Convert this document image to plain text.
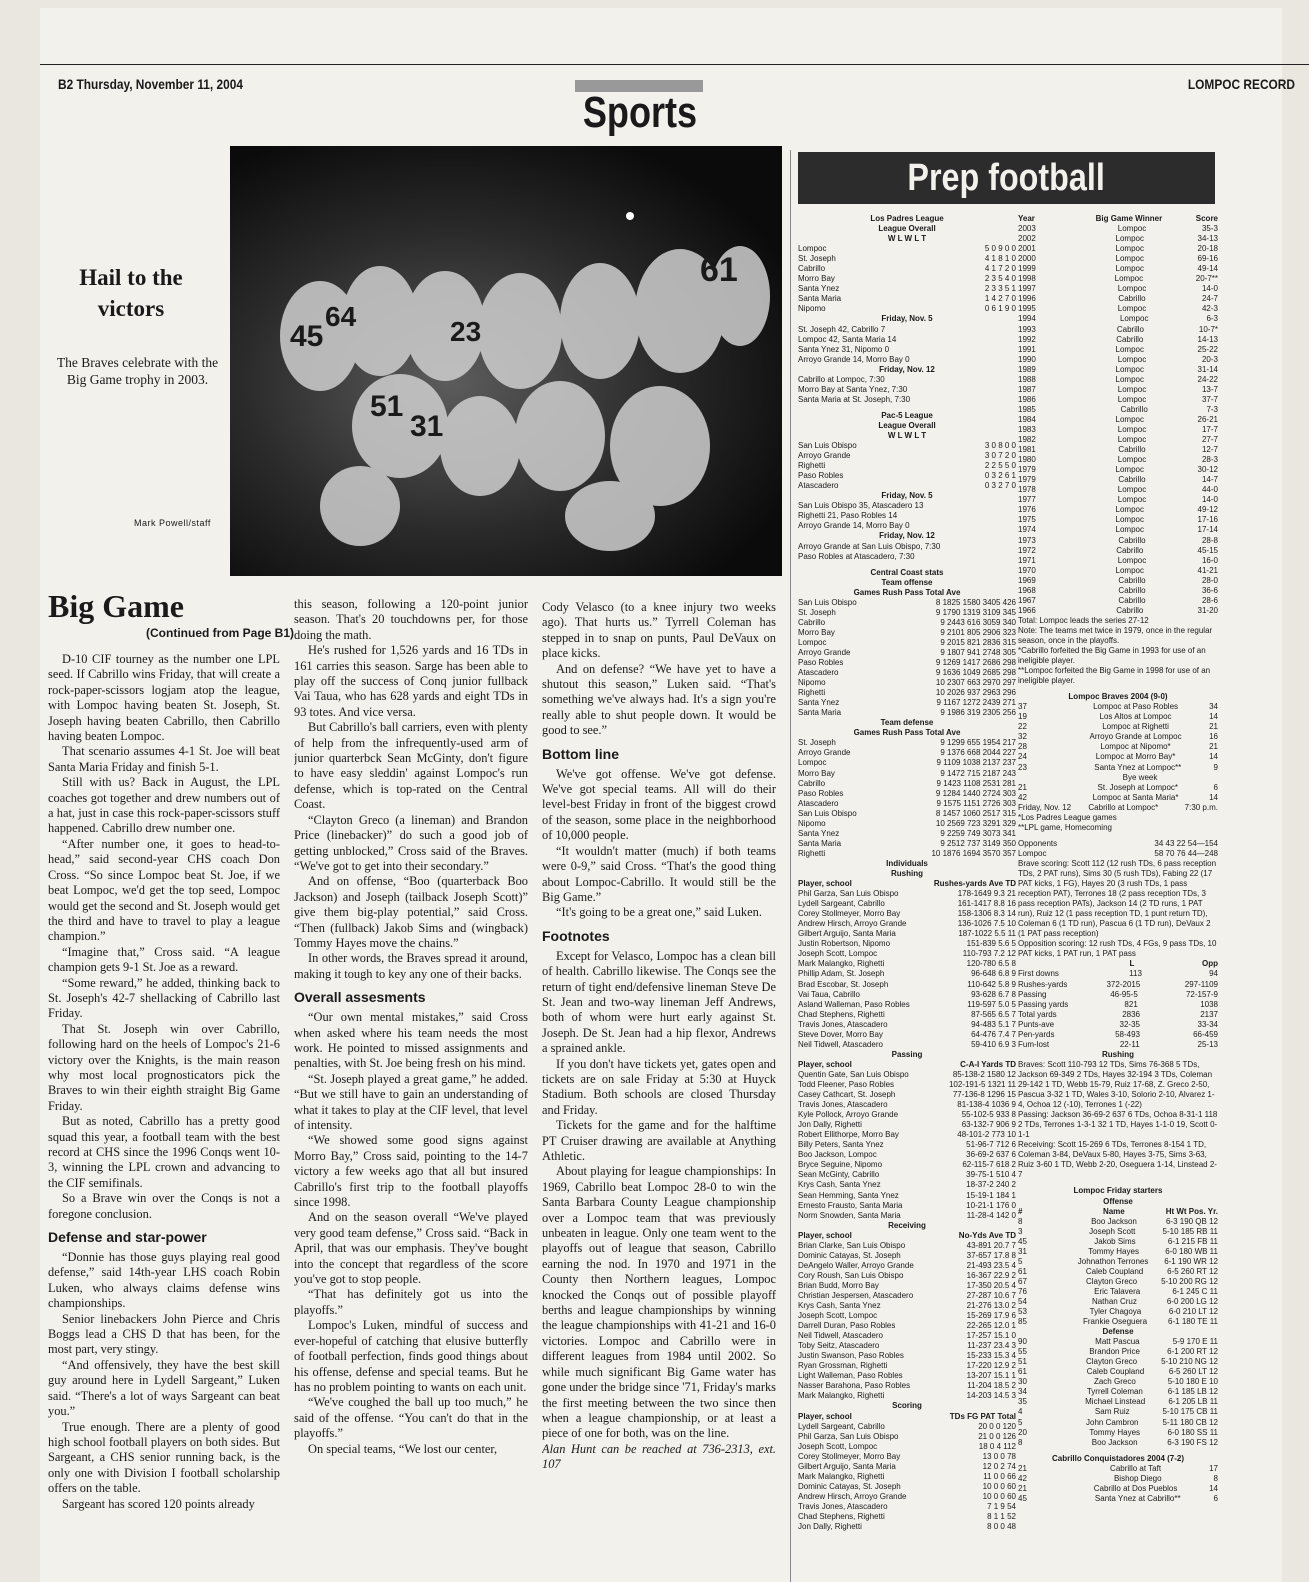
B2 Thursday, November 11, 2004
Sports
LOMPOC RECORD
45
64	23
61
51
31
Hail to the victors
The Braves celebrate with the Big Game trophy in 2003.
Mark Powell/staff
Big Game
(Continued from Page B1)

D-10 CIF tourney as the number one LPL seed. If Cabrillo wins Friday, that will create a rock-paper-scissors logjam atop the league, with Lompoc having beaten St. Joseph, St. Joseph having beaten Cabrillo, then Cabrillo having beaten Lompoc.

That scenario assumes 4-1 St. Joe will beat Santa Maria Friday and finish 5-1.

Still with us? Back in August, the LPL coaches got together and drew numbers out of a hat, just in case this rock-paper-scissors stuff happened. Cabrillo drew number one.

“After number one, it goes to head-to-head,” said second-year CHS coach Don Cross. “So since Lompoc beat St. Joe, if we beat Lompoc, we'd get the top seed, Lompoc would get the second and St. Joseph would get the third and have to travel to play a league champion.”

“Imagine that,” Cross said. “A league champion gets 9-1 St. Joe as a reward.

“Some reward,” he added, thinking back to St. Joseph's 42-7 shellacking of Cabrillo last Friday.

That St. Joseph win over Cabrillo, following hard on the heels of Lompoc's 21-6 victory over the Knights, is the main reason why most local prognosticators pick the Braves to win their eighth straight Big Game Friday.

But as noted, Cabrillo has a pretty good squad this year, a football team with the best record at CHS since the 1996 Conqs went 10-3, winning the LPL crown and advancing to the CIF semifinals.

So a Brave win over the Conqs is not a foregone conclusion.

Defense and star-power

“Donnie has those guys playing real good defense,” said 14th-year LHS coach Robin Luken, who always claims defense wins championships.

Senior linebackers John Pierce and Chris Boggs lead a CHS D that has been, for the most part, very stingy.

“And offensively, they have the best skill guy around here in Lydell Sargeant,” Luken said. “There's a lot of ways Sargeant can beat you.”

True enough. There are a plenty of good high school football players on both sides. But Sargeant, a CHS senior running back, is the only one with Division I football scholarship offers on the table.

Sargeant has scored 120 points already

this season, following a 120-point junior season. That's 20 touchdowns per, for those doing the math.

He's rushed for 1,526 yards and 16 TDs in 161 carries this season. Sarge has been able to play off the success of Conq junior fullback Vai Taua, who has 628 yards and eight TDs in 93 totes. And vice versa.

But Cabrillo's ball carriers, even with plenty of help from the infrequently-used arm of junior quarterbck Sean McGinty, don't figure to have easy sleddin' against Lompoc's run defense, which is top-rated on the Central Coast.

“Clayton Greco (a lineman) and Brandon Price (linebacker)” do such a good job of getting unblocked,” Cross said of the Braves. “We've got to get into their secondary.”

And on offense, “Boo (quarterback Boo Jackson) and Joseph (tailback Joseph Scott)” give them big-play potential,” said Cross. “Then (fullback) Jakob Sims and (wingback) Tommy Hayes move the chains.”

In other words, the Braves spread it around, making it tough to key any one of their backs.

Overall assesments

“Our own mental mistakes,” said Cross when asked where his team needs the most work. He pointed to missed assignments and penalties, with St. Joe being fresh on his mind.

“St. Joseph played a great game,” he added. “But we still have to gain an understanding of what it takes to play at the CIF level, that level of intensity.

“We showed some good signs against Morro Bay,” Cross said, pointing to the 14-7 victory a few weeks ago that all but insured Cabrillo's first trip to the football playoffs since 1998.

And on the season overall “We've played very good team defense,” Cross said. “Back in April, that was our emphasis. They've bought into the concept that regardless of the score you've got to stop people.

“That has definitely got us into the playoffs.”

Lompoc's Luken, mindful of success and ever-hopeful of catching that elusive butterfly of football perfection, finds good things about his offense, defense and special teams. But he has no problem pointing to wants on each unit.

“We've coughed the ball up too much,” he said of the offense. “You can't do that in the playoffs.”

On special teams, “We lost our center,

Cody Velasco (to a knee injury two weeks ago). That hurts us.” Tyrrell Coleman has stepped in to snap on punts, Paul DeVaux on place kicks.

And on defense? “We have yet to have a shutout this season,” Luken said. “That's something we've always had. It's a sign you're really able to shut people down. It would be good to see.”

Bottom line

We've got offense. We've got defense. We've got special teams. All will do their level-best Friday in front of the biggest crowd of the season, some place in the neighborhood of 10,000 people.

“It wouldn't matter (much) if both teams were 0-9,” said Cross. “That's the good thing about Lompoc-Cabrillo. It would still be the Big Game.”

“It's going to be a great one,” said Luken.

Footnotes

Except for Velasco, Lompoc has a clean bill of health. Cabrillo likewise. The Conqs see the return of tight end/defensive lineman Steve De St. Jean and two-way lineman Jeff Andrews, both of whom were hurt early against St. Joseph. De St. Jean had a hip flexor, Andrews a sprained ankle.

If you don't have tickets yet, gates open and tickets are on sale Friday at 5:30 at Huyck Stadium. Both schools are closed Thursday and Friday.

Tickets for the game and for the halftime PT Cruiser drawing are available at Anything Athletic.

About playing for league championships: In 1969, Cabrillo beat Lompoc 28-0 to win the Santa Barbara County League championship over a Lompoc team that was previously unbeaten in league. Only one team went to the playoffs out of league that season, Cabrillo earning the nod. In 1970 and 1971 in the County then Northern leagues, Lompoc knocked the Conqs out of possible playoff berths and league championships by winning the league championships with 41-21 and 16-0 victories. Lompoc and Cabrillo were in different leagues from 1984 until 2002. So while much significant Big Game water has gone under the bridge since '71, Friday's marks the first meeting between the two since then when a league championship, or at least a piece of one for both, was on the line.

Alan Hunt can be reached at 736-2313, ext. 107

Prep football
Los Padres League
League Overall
W L W L T
Lompoc	5 0 9 0 0
St. Joseph	4 1 8 1 0
Cabrillo	4 1 7 2 0
Morro Bay	2 3 5 4 0
Santa Ynez	2 3 3 5 1
Santa Maria	1 4 2 7 0
Nipomo	0 6 1 9 0
Friday, Nov. 5
St. Joseph 42, Cabrillo 7
Lompoc 42, Santa Maria 14
Santa Ynez 31, Nipomo 0
Arroyo Grande 14, Morro Bay 0
Friday, Nov. 12
Cabrillo at Lompoc, 7:30
Morro Bay at Santa Ynez, 7:30
Santa Maria at St. Joseph, 7:30
Pac-5 League
League Overall
W L W L T
San Luis Obispo	3 0 8 0 0
Arroyo Grande	3 0 7 2 0
Righetti	2 2 5 5 0
Paso Robles	0 3 2 6 1
Atascadero	0 3 2 7 0
Friday, Nov. 5
San Luis Obispo 35, Atascadero 13
Righetti 21, Paso Robles 14
Arroyo Grande 14, Morro Bay 0
Friday, Nov. 12
Arroyo Grande at San Luis Obispo, 7:30
Paso Robles at Atascadero, 7:30
Central Coast stats
Team offense
Games Rush Pass Total Ave
San Luis Obispo	8 1825 1580 3405 426
St. Joseph	9 1790 1319 3109 345
Cabrillo	9 2443 616 3059 340
Morro Bay	9 2101 805 2906 323
Lompoc	9 2015 821 2836 315
Arroyo Grande	9 1807 941 2748 305
Paso Robles	9 1269 1417 2686 298
Atascadero	9 1636 1049 2685 298
Nipomo	10 2307 663 2970 297
Righetti	10 2026 937 2963 296
Santa Ynez	9 1167 1272 2439 271
Santa Maria	9 1986 319 2305 256
Team defense
Games Rush Pass Total Ave
St. Joseph	9 1299 655 1954 217
Arroyo Grande	9 1376 668 2044 227
Lompoc	9 1109 1038 2137 237
Morro Bay	9 1472 715 2187 243
Cabrillo	9 1423 1108 2531 281
Paso Robles	9 1284 1440 2724 303
Atascadero	9 1575 1151 2726 303
San Luis Obispo	8 1457 1060 2517 315
Nipomo	10 2569 723 3291 329
Santa Ynez	9 2259 749 3073 341
Santa Maria	9 2512 737 3149 350
Righetti	10 1876 1694 3570 357
Individuals
Rushing
Player, school	Rushes-yards Ave TD
Phil Garza, San Luis Obispo	178-1649 9.3 21
Lydell Sargeant, Cabrillo	161-1417 8.8 16
Corey Stollmeyer, Morro Bay	158-1306 8.3 14
Andrew Hirsch, Arroyo Grande	136-1026 7.5 10
Gilbert Arguijo, Santa Maria	187-1022 5.5 11
Justin Robertson, Nipomo	151-839 5.6 5
Joseph Scott, Lompoc	110-793 7.2 12
Mark Malangko, Righetti	120-780 6.5 8
Phillip Adam, St. Joseph	96-648 6.8 9
Brad Escobar, St. Joseph	110-642 5.8 9
Vai Taua, Cabrillo	93-628 6.7 8
Asland Walleman, Paso Robles	119-597 5.0 5
Chad Stephens, Righetti	87-565 6.5 7
Travis Jones, Atascadero	94-483 5.1 7
Steve Dover, Morro Bay	64-476 7.4 7
Neil Tidwell, Atascadero	59-410 6.9 3
Passing
Player, school	C-A-I Yards TD
Quentin Gate, San Luis Obispo	85-138-2 1580 12
Todd Fleener, Paso Robles	102-191-5 1321 11
Casey Cathcart, St. Joseph	77-136-8 1296 15
Travis Jones, Atascadero	81-138-4 1036 9
Kyle Pollock, Arroyo Grande	55-102-5 933 8
Jon Dally, Righetti	63-132-7 906 9
Robert Ellithorpe, Morro Bay	48-101-2 773 10
Billy Peters, Santa Ynez	51-96-7 712 6
Boo Jackson, Lompoc	36-69-2 637 6
Bryce Seguine, Nipomo	62-115-7 618 2
Sean McGinty, Cabrillo	39-75-1 510 4
Krys Cash, Santa Ynez	18-37-2 240 2
Sean Hemming, Santa Ynez	15-19-1 184 1
Ernesto Frausto, Santa Maria	10-21-1 176 0
Norm Snowden, Santa Maria	11-28-4 142 0
Receiving
Player, school	No-Yds Ave TD
Brian Clarke, San Luis Obispo	43-891 20.7 7
Dominic Catayas, St. Joseph	37-657 17.8 8
DeAngelo Waller, Arroyo Grande	21-493 23.5 4
Cory Roush, San Luis Obispo	16-367 22.9 2
Brian Budd, Morro Bay	17-350 20.5 4
Christian Jespersen, Atascadero	27-287 10.6 7
Krys Cash, Santa Ynez	21-276 13.0 2
Joseph Scott, Lompoc	15-269 17.9 6
Darrell Duran, Paso Robles	22-265 12.0 1
Neil Tidwell, Atascadero	17-257 15.1 0
Toby Seitz, Atascadero	11-237 23.4 3
Justin Swanson, Paso Robles	15-233 15.3 4
Ryan Grossman, Righetti	17-220 12.9 2
Light Walleman, Paso Robles	13-207 15.1 1
Nasser Barahona, Paso Robles	11-204 18.5 2
Mark Malangko, Righetti	14-203 14.5 3
Scoring
Player, school	TDs FG PAT Total
Lydell Sargeant, Cabrillo	20 0 0 120
Phil Garza, San Luis Obispo	21 0 0 126
Joseph Scott, Lompoc	18 0 4 112
Corey Stollmeyer, Morro Bay	13 0 0 78
Gilbert Arguijo, Santa Maria	12 0 2 74
Mark Malangko, Righetti	11 0 0 66
Dominic Catayas, St. Joseph	10 0 0 60
Andrew Hirsch, Arroyo Grande	10 0 0 60
Travis Jones, Atascadero	7 1 9 54
Chad Stephens, Righetti	8 1 1 52
Jon Dally, Righetti	8 0 0 48
Year	Big Game Winner	Score
2003	Lompoc	35-3
2002	Lompoc	34-13
2001	Lompoc	20-18
2000	Lompoc	69-16
1999	Lompoc	49-14
1998	Lompoc	20-7**
1997	Lompoc	14-0
1996	Cabrillo	24-7
1995	Lompoc	42-3
1994	Lompoc	6-3
1993	Cabrillo	10-7*
1992	Cabrillo	14-13
1991	Lompoc	25-22
1990	Lompoc	20-3
1989	Lompoc	31-14
1988	Lompoc	24-22
1987	Lompoc	13-7
1986	Lompoc	37-7
1985	Cabrillo	7-3
1984	Lompoc	26-21
1983	Lompoc	17-7
1982	Lompoc	27-7
1981	Cabrillo	12-7
1980	Lompoc	28-3
1979	Lompoc	30-12
1979	Cabrillo	14-7
1978	Lompoc	44-0
1977	Lompoc	14-0
1976	Lompoc	49-12
1975	Lompoc	17-16
1974	Lompoc	17-14
1973	Cabrillo	28-8
1972	Cabrillo	45-15
1971	Lompoc	16-0
1970	Lompoc	41-21
1969	Cabrillo	28-0
1968	Cabrillo	36-6
1967	Cabrillo	28-6
1966	Cabrillo	31-20
Total: Lompoc leads the series 27-12
Note: The teams met twice in 1979, once in the regular season, once in the playoffs.
*Cabrillo forfeited the Big Game in 1993 for use of an ineligible player.
**Lompoc forfeited the Big Game in 1998 for use of an ineligible player.
Lompoc Braves 2004 (9-0)
37	Lompoc at Paso Robles	34
19	Los Altos at Lompoc	14
22	Lompoc at Righetti	21
32	Arroyo Grande at Lompoc	16
28	Lompoc at Nipomo*	21
24	Lompoc at Morro Bay*	14
23	Santa Ynez at Lompoc**	9
Bye week
21	St. Joseph at Lompoc*	6
42	Lompoc at Santa Maria*	14
Friday, Nov. 12	Cabrillo at Lompoc*	7:30 p.m.
*Los Padres League games
**LPL game, Homecoming
Opponents	34 43 22 54—154
Lompoc	58 70 76 44—248
Brave scoring: Scott 112 (12 rush TDs, 6 pass reception TDs, 2 PAT runs), Sims 30 (5 rush TDs), Fabing 22 (17 PAT kicks, 1 FG), Hayes 20 (3 rush TDs, 1 pass reception PAT), Terrones 18 (2 pass reception TDs, 3 pass reception PATs), Jackson 14 (2 TD runs, 1 PAT run), Ruiz 12 (1 pass reception TD, 1 punt return TD), Coleman 6 (1 TD run), Pascua 6 (1 TD run), DeVaux 2 (1 PAT pass reception)
Opposition scoring: 12 rush TDs, 4 FGs, 9 pass TDs, 10 PAT kicks, 1 PAT run, 1 PAT pass
L	Opp
First downs	113	94
Rushes-yards	372-2015	297-1109
Passing	46-95-5	72-157-9
Passing yards	821	1038
Total yards	2836	2137
Punts-ave	32-35	33-34
Pen-yards	58-493	66-459
Fum-lost	22-11	25-13
Rushing
Braves: Scott 110-793 12 TDs, Sims 76-368 5 TDs, Jackson 69-349 2 TDs, Hayes 32-194 3 TDs, Coleman 29-142 1 TD, Webb 15-79, Ruiz 17-68, Z. Greco 2-50, Pascua 3-32 1 TD, Wales 3-10, Solorio 2-10, Alvarez 1-4, Ochoa 12 (-10), Terrones 1 (-22)
Passing: Jackson 36-69-2 637 6 TDs, Ochoa 8-31-1 118 2 TDs, Terrones 1-3-1 32 1 TD, Hayes 1-1-0 19, Scott 0-1-1
Receiving: Scott 15-269 6 TDs, Terrones 8-154 1 TD, Coleman 3-84, DeVaux 5-80, Hayes 3-75, Sims 3-63, Ruiz 3-60 1 TD, Webb 2-20, Oseguera 1-14, Linstead 2-7
Lompoc Friday starters
Offense
#	Name	Ht Wt Pos. Yr.
8	Boo Jackson	6-3 190 QB 12
3	Joseph Scott	5-10 185 RB 11
45	Jakob Sims	6-1 215 FB 11
31	Tommy Hayes	6-0 180 WB 11
5	Johnathon Terrones	6-1 190 WR 12
61	Caleb Coupland	6-5 260 RT 12
67	Clayton Greco	5-10 200 RG 12
76	Eric Talavera	6-1 245 C 11
54	Nathan Cruz	6-0 200 LG 12
53	Tyler Chagoya	6-0 210 LT 12
85	Frankie Oseguera	6-1 180 TE 11
Defense
90	Matt Pascua	5-9 170 E 11
55	Brandon Price	6-1 200 RT 12
51	Clayton Greco	5-10 210 NG 12
61	Caleb Coupland	6-5 260 LT 12
30	Zach Greco	5-10 180 E 10
34	Tyrrell Coleman	6-1 185 LB 12
35	Michael Linstead	6-1 205 LB 11
4	Sam Ruiz	5-10 175 CB 11
5	John Cambron	5-11 180 CB 12
20	Tommy Hayes	6-0 180 SS 11
8	Boo Jackson	6-3 190 FS 12
Cabrillo Conquistadores 2004 (7-2)
21	Cabrillo at Taft	17
42	Bishop Diego	8
21	Cabrillo at Dos Pueblos	14
45	Santa Ynez at Cabrillo**	6
